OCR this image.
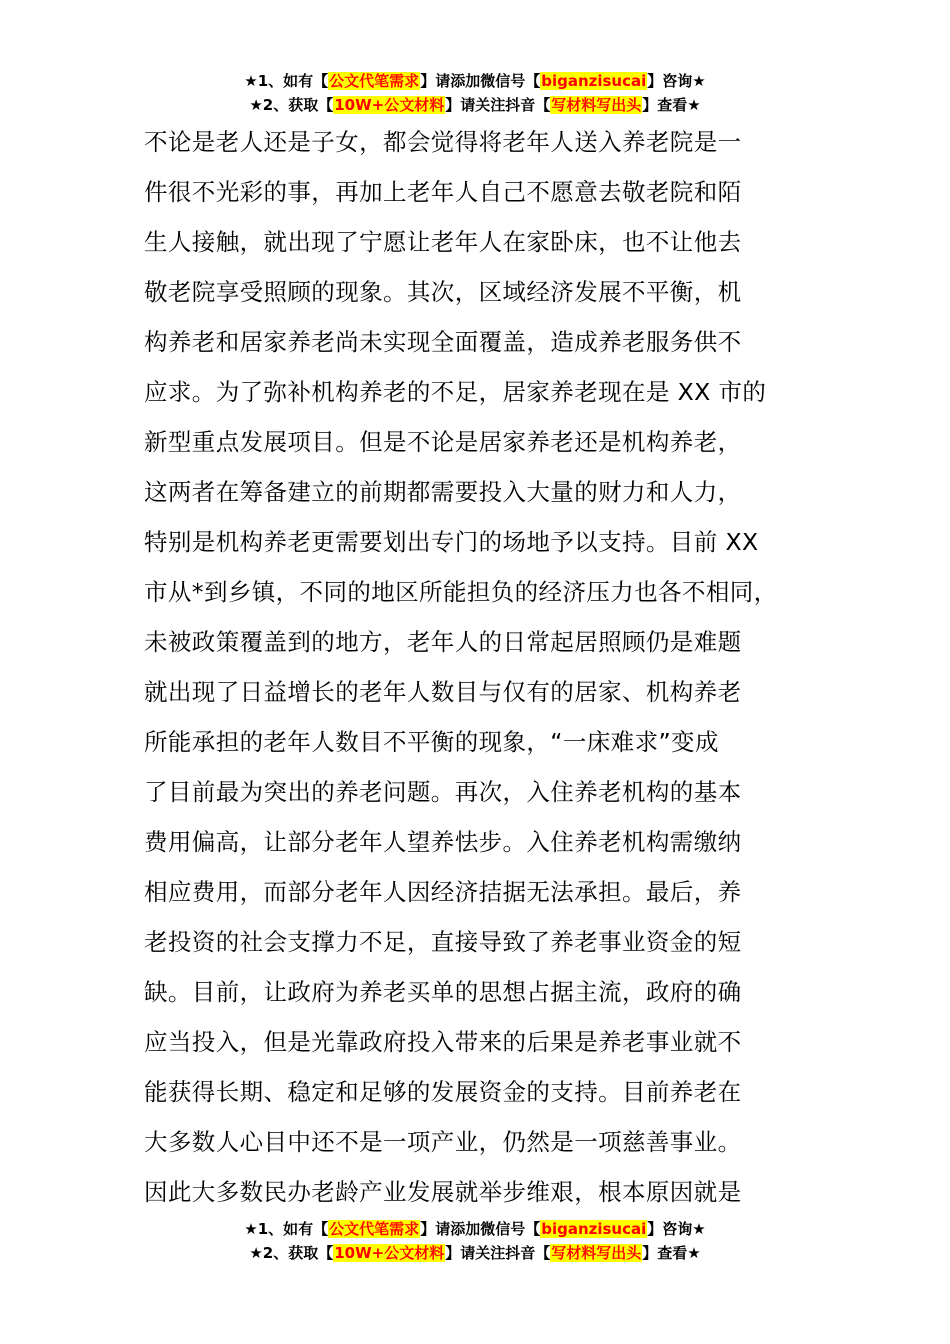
★1、如有【公文代笔需求】请添加微信号【biganzisucai】咨询★
★2、获取【10W+公文材料】请关注抖音【写材料写出头】查看★
不论是老人还是子女，都会觉得将老年人送入养老院是一
件很不光彩的事，再加上老年人自己不愿意去敬老院和陌
生人接触，就出现了宁愿让老年人在家卧床，也不让他去
敬老院享受照顾的现象。其次，区域经济发展不平衡，机
构养老和居家养老尚未实现全面覆盖，造成养老服务供不
应求。为了弥补机构养老的不足，居家养老现在是 XX 市的
新型重点发展项目。但是不论是居家养老还是机构养老，
这两者在筹备建立的前期都需要投入大量的财力和人力，
特别是机构养老更需要划出专门的场地予以支持。目前 XX
市从*到乡镇，不同的地区所能担负的经济压力也各不相同，
未被政策覆盖到的地方，老年人的日常起居照顾仍是难题
就出现了日益增长的老年人数目与仅有的居家、机构养老
所能承担的老年人数目不平衡的现象，“一床难求”变成
了目前最为突出的养老问题。再次，入住养老机构的基本
费用偏高，让部分老年人望养怯步。入住养老机构需缴纳
相应费用，而部分老年人因经济拮据无法承担。最后，养
老投资的社会支撑力不足，直接导致了养老事业资金的短
缺。目前，让政府为养老买单的思想占据主流，政府的确
应当投入，但是光靠政府投入带来的后果是养老事业就不
能获得长期、稳定和足够的发展资金的支持。目前养老在
大多数人心目中还不是一项产业，仍然是一项慈善事业。
因此大多数民办老龄产业发展就举步维艰，根本原因就是
★1、如有【公文代笔需求】请添加微信号【biganzisucai】咨询★
★2、获取【10W+公文材料】请关注抖音【写材料写出头】查看★
